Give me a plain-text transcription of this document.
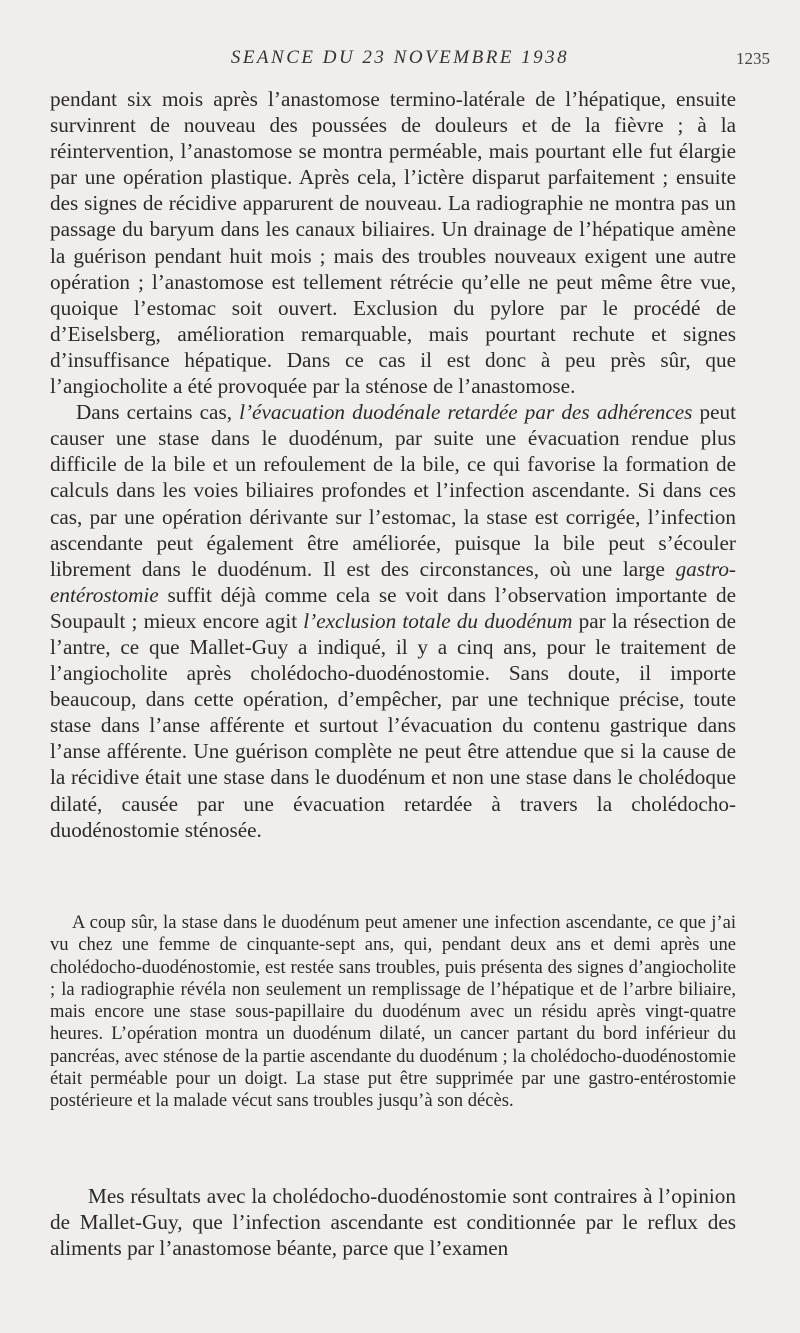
SEANCE DU 23 NOVEMBRE 1938	1235

pendant six mois après l’anastomose termino-latérale de l’hépatique, ensuite survinrent de nouveau des poussées de douleurs et de la fièvre ; à la réintervention, l’anastomose se montra perméable, mais pourtant elle fut élargie par une opération plastique. Après cela, l’ictère disparut parfaitement ; ensuite des signes de récidive apparurent de nouveau. La radiographie ne montra pas un passage du baryum dans les canaux biliaires. Un drainage de l’hépatique amène la guérison pendant huit mois ; mais des troubles nouveaux exigent une autre opération ; l’anastomose est tellement rétrécie qu’elle ne peut même être vue, quoique l’estomac soit ouvert. Exclusion du pylore par le procédé de d’Eiselsberg, amélioration remarquable, mais pourtant rechute et signes d’insuffisance hépatique. Dans ce cas il est donc à peu près sûr, que l’angiocholite a été provoquée par la sténose de l’anastomose.

Dans certains cas, l’évacuation duodénale retardée par des adhérences peut causer une stase dans le duodénum, par suite une évacuation rendue plus difficile de la bile et un refoulement de la bile, ce qui favorise la formation de calculs dans les voies biliaires profondes et l’infection ascendante. Si dans ces cas, par une opération dérivante sur l’estomac, la stase est corrigée, l’infection ascendante peut également être améliorée, puisque la bile peut s’écouler librement dans le duodénum. Il est des circonstances, où une large gastro-entérostomie suffit déjà comme cela se voit dans l’observation importante de Soupault ; mieux encore agit l’exclusion totale du duodénum par la résection de l’antre, ce que Mallet-Guy a indiqué, il y a cinq ans, pour le traitement de l’angiocholite après cholédocho-duodénostomie. Sans doute, il importe beaucoup, dans cette opération, d’empêcher, par une technique précise, toute stase dans l’anse afférente et surtout l’évacuation du contenu gastrique dans l’anse afférente. Une guérison complète ne peut être attendue que si la cause de la récidive était une stase dans le duodénum et non une stase dans le cholédoque dilaté, causée par une évacuation retardée à travers la cholédocho-duodénostomie sténosée.

A coup sûr, la stase dans le duodénum peut amener une infection ascendante, ce que j’ai vu chez une femme de cinquante-sept ans, qui, pendant deux ans et demi après une cholédocho-duodénostomie, est restée sans troubles, puis présenta des signes d’angiocholite ; la radiographie révéla non seulement un remplissage de l’hépatique et de l’arbre biliaire, mais encore une stase sous-papillaire du duodénum avec un résidu après vingt-quatre heures. L’opération montra un duodénum dilaté, un cancer partant du bord inférieur du pancréas, avec sténose de la partie ascendante du duodénum ; la cholédocho-duodénostomie était perméable pour un doigt. La stase put être supprimée par une gastro-entérostomie postérieure et la malade vécut sans troubles jusqu’à son décès.

Mes résultats avec la cholédocho-duodénostomie sont contraires à l’opinion de Mallet-Guy, que l’infection ascendante est conditionnée par le reflux des aliments par l’anastomose béante, parce que l’examen
